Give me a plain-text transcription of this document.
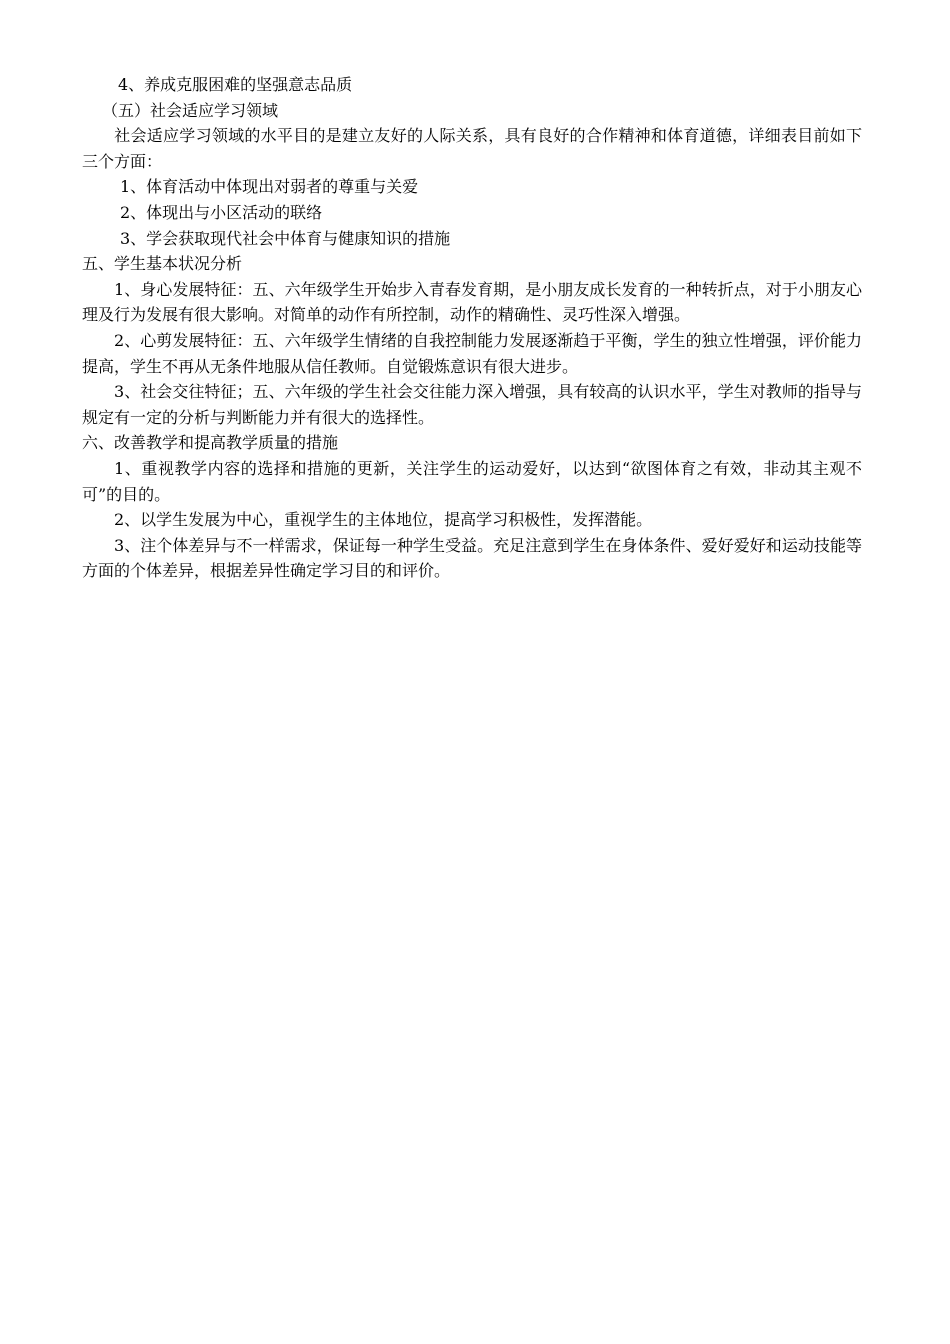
4、养成克服困难的坚强意志品质
（五）社会适应学习领域
社会适应学习领域的水平目的是建立友好的人际关系，具有良好的合作精神和体育道德，详细表目前如下三个方面：
1、体育活动中体现出对弱者的尊重与关爱
2、体现出与小区活动的联络
3、学会获取现代社会中体育与健康知识的措施
五、学生基本状况分析
1、身心发展特征：五、六年级学生开始步入青春发育期，是小朋友成长发育的一种转折点，对于小朋友心理及行为发展有很大影响。对简单的动作有所控制，动作的精确性、灵巧性深入增强。
2、心剪发展特征：五、六年级学生情绪的自我控制能力发展逐渐趋于平衡，学生的独立性增强，评价能力提高，学生不再从无条件地服从信任教师。自觉锻炼意识有很大进步。
3、社会交往特征；五、六年级的学生社会交往能力深入增强，具有较高的认识水平，学生对教师的指导与规定有一定的分析与判断能力并有很大的选择性。
六、改善教学和提高教学质量的措施
1、重视教学内容的选择和措施的更新，关注学生的运动爱好，以达到“欲图体育之有效，非动其主观不可”的目的。
2、以学生发展为中心，重视学生的主体地位，提高学习积极性，发挥潜能。
3、注个体差异与不一样需求，保证每一种学生受益。充足注意到学生在身体条件、爱好爱好和运动技能等方面的个体差异，根据差异性确定学习目的和评价。
